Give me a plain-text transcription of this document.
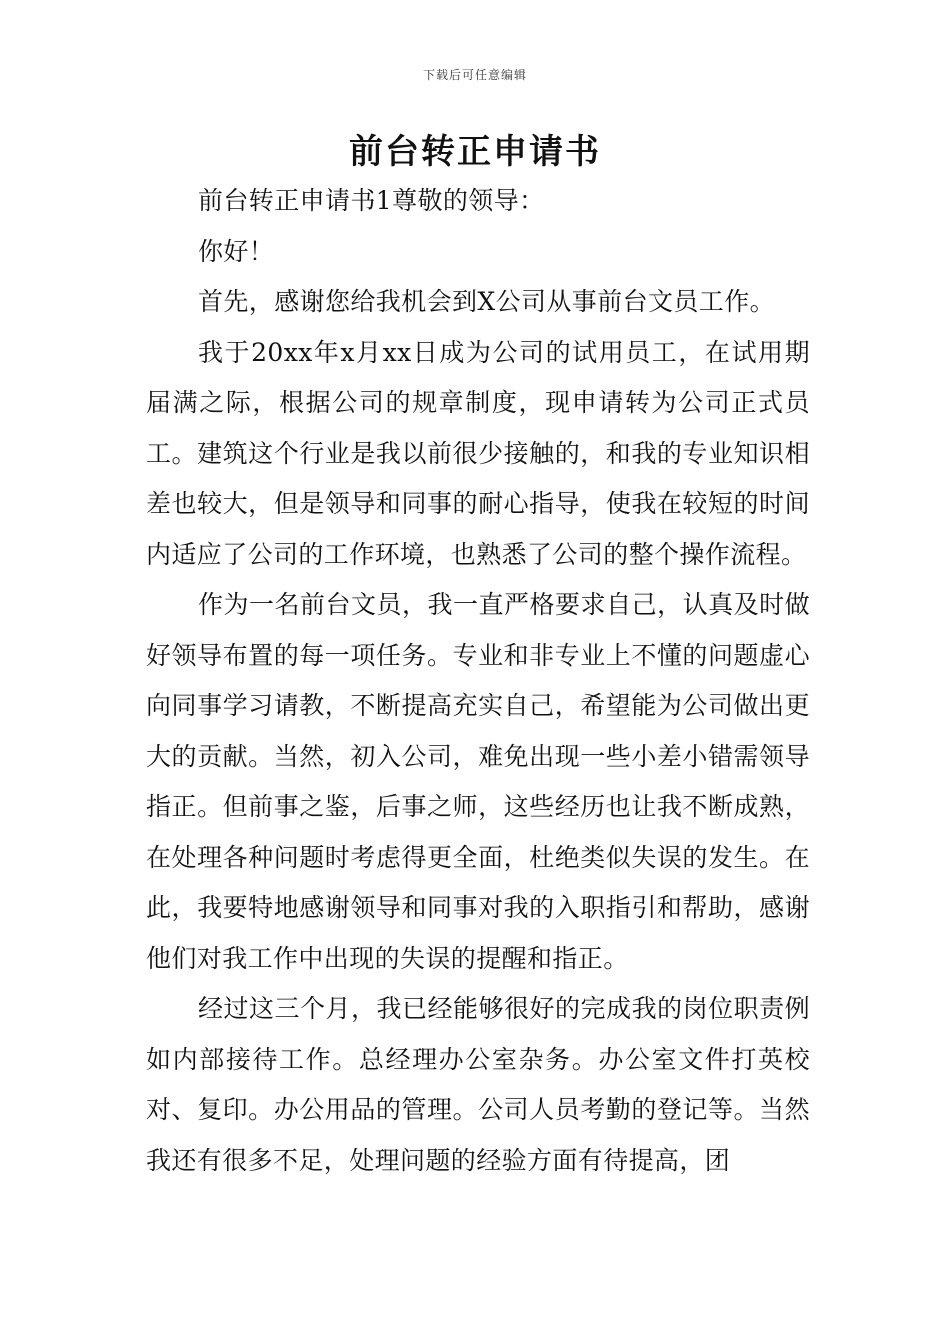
下载后可任意编辑
前台转正申请书

前台转正申请书1尊敬的领导：

你好！

首先，感谢您给我机会到X公司从事前台文员工作。

我于20xx年x月xx日成为公司的试用员工，在试用期届满之际，根据公司的规章制度，现申请转为公司正式员工。建筑这个行业是我以前很少接触的，和我的专业知识相差也较大，但是领导和同事的耐心指导，使我在较短的时间内适应了公司的工作环境，也熟悉了公司的整个操作流程。

作为一名前台文员，我一直严格要求自己，认真及时做好领导布置的每一项任务。专业和非专业上不懂的问题虚心向同事学习请教，不断提高充实自己，希望能为公司做出更大的贡献。当然，初入公司，难免出现一些小差小错需领导指正。但前事之鉴，后事之师，这些经历也让我不断成熟，在处理各种问题时考虑得更全面，杜绝类似失误的发生。在此，我要特地感谢领导和同事对我的入职指引和帮助，感谢他们对我工作中出现的失误的提醒和指正。

经过这三个月，我已经能够很好的完成我的岗位职责例如内部接待工作。总经理办公室杂务。办公室文件打英校对、复印。办公用品的管理。公司人员考勤的登记等。当然我还有很多不足，处理问题的经验方面有待提高，团
